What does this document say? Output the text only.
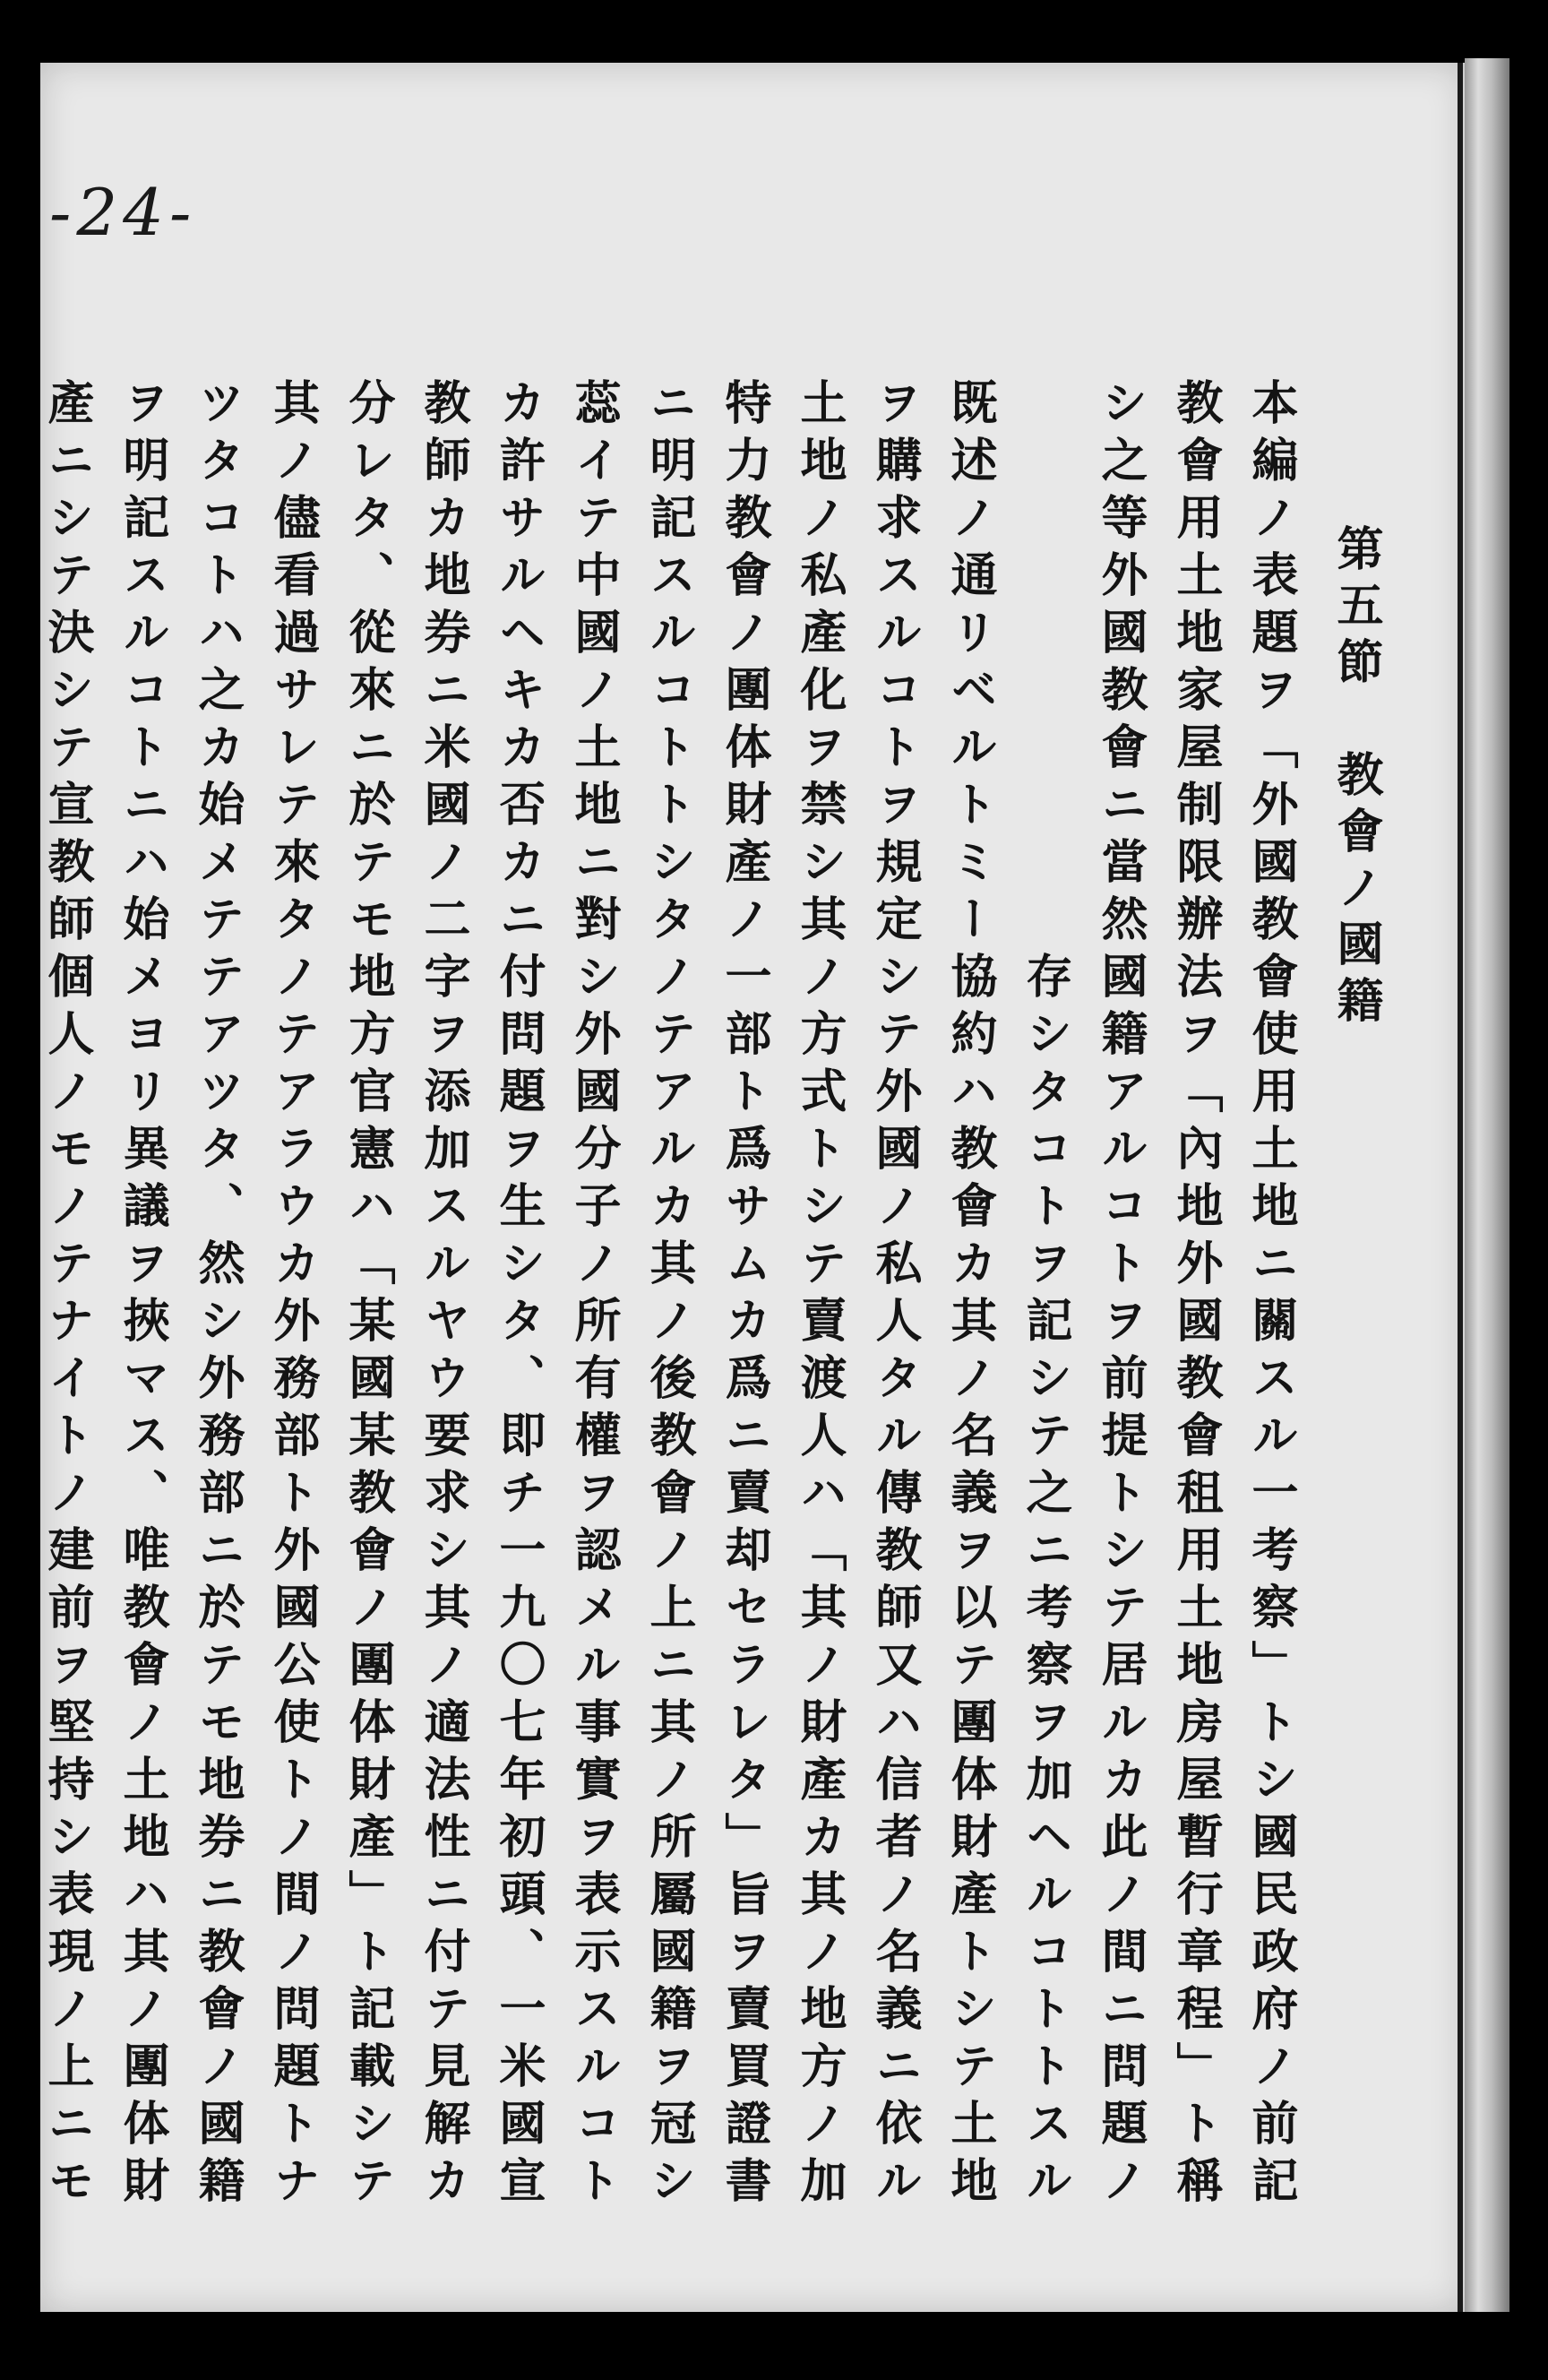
-24-
第五節　教會ノ國籍
本編ノ表題ヲ「外國教會使用土地ニ關スル一考察」トシ國民政府ノ前記
教會用土地家屋制限辦法ヲ「內地外國教會租用土地房屋暫行章程」ト稱
シ之等外國教會ニ當然國籍アルコトヲ前提トシテ居ルカ此ノ間ニ問題ノ
存シタコトヲ記シテ之ニ考察ヲ加ヘルコトトスル
既述ノ通リベルトミー協約ハ教會カ其ノ名義ヲ以テ團体財產トシテ土地
ヲ購求スルコトヲ規定シテ外國ノ私人タル傳教師又ハ信者ノ名義ニ依ル
土地ノ私產化ヲ禁シ其ノ方式トシテ賣渡人ハ「其ノ財產カ其ノ地方ノ加
特力教會ノ團体財產ノ一部ト爲サムカ爲ニ賣却セラレタ」旨ヲ賣買證書
ニ明記スルコトトシタノテアルカ其ノ後教會ノ上ニ其ノ所屬國籍ヲ冠シ
蕊イテ中國ノ土地ニ對シ外國分子ノ所有權ヲ認メル事實ヲ表示スルコト
カ許サルヘキカ否カニ付問題ヲ生シタ、即チ一九〇七年初頭、一米國宣
教師カ地券ニ米國ノ二字ヲ添加スルヤウ要求シ其ノ適法性ニ付テ見解カ
分レタ、從來ニ於テモ地方官憲ハ「某國某教會ノ團体財產」ト記載シテ
其ノ儘看過サレテ來タノテアラウカ外務部ト外國公使トノ間ノ問題トナ
ツタコトハ之カ始メテテアツタ、然シ外務部ニ於テモ地券ニ教會ノ國籍
ヲ明記スルコトニハ始メヨリ異議ヲ挾マス、唯教會ノ土地ハ其ノ團体財
產ニシテ決シテ宣教師個人ノモノテナイトノ建前ヲ堅持シ表現ノ上ニモ
